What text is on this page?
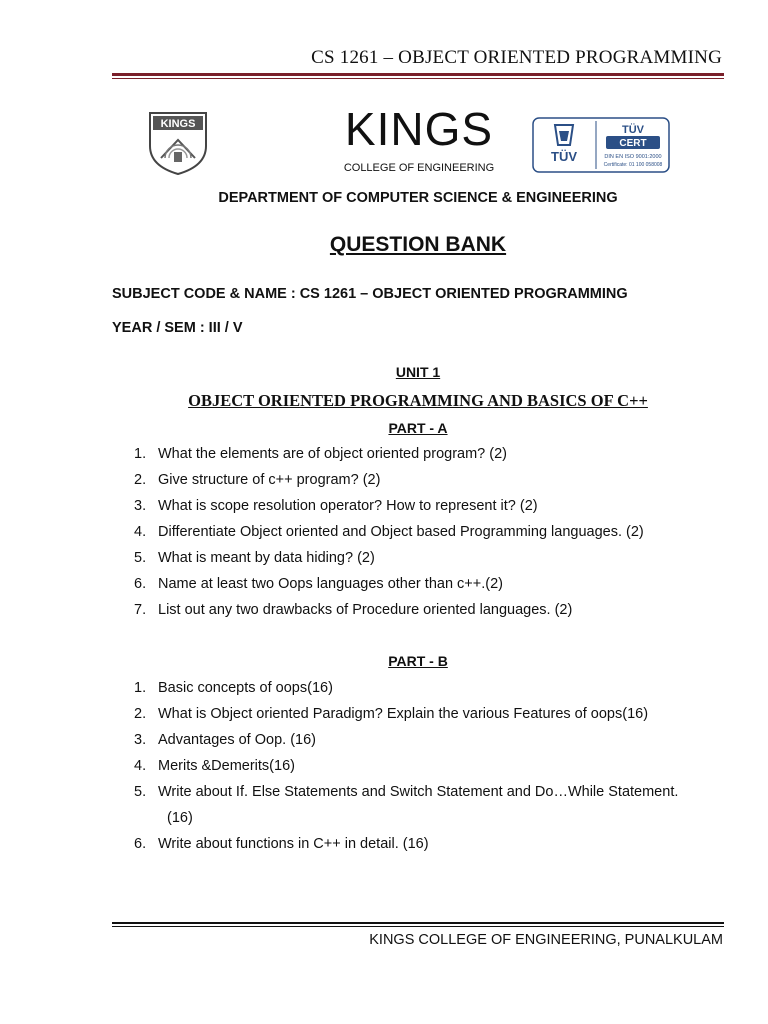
CS 1261 – OBJECT ORIENTED PROGRAMMING
KINGS	KINGS
COLLEGE OF ENGINEERING
TÜV
TÜV
CERT
DIN EN ISO 9001:2000
Certificate: 01 100 058008
DEPARTMENT OF COMPUTER SCIENCE & ENGINEERING
QUESTION BANK
SUBJECT CODE & NAME : CS 1261 – OBJECT ORIENTED PROGRAMMING
YEAR / SEM : III / V
UNIT 1
OBJECT ORIENTED PROGRAMMING AND BASICS OF C++
PART - A
1. What the elements are of object oriented program? (2)
2. Give structure of c++ program? (2)
3. What is scope resolution operator? How to represent it? (2)
4. Differentiate Object oriented and Object based Programming languages. (2)
5. What is meant by data hiding? (2)
6. Name at least two Oops languages other than c++.(2)
7. List out any two drawbacks of Procedure oriented languages. (2)
PART - B
1. Basic concepts of oops(16)
2. What is Object oriented Paradigm? Explain the various Features of oops(16)
3. Advantages of Oop. (16)
4. Merits &Demerits(16)
5. Write about If. Else Statements and Switch Statement and Do…While Statement.
(16)
6. Write about functions in C++ in detail. (16)
KINGS COLLEGE OF ENGINEERING, PUNALKULAM
